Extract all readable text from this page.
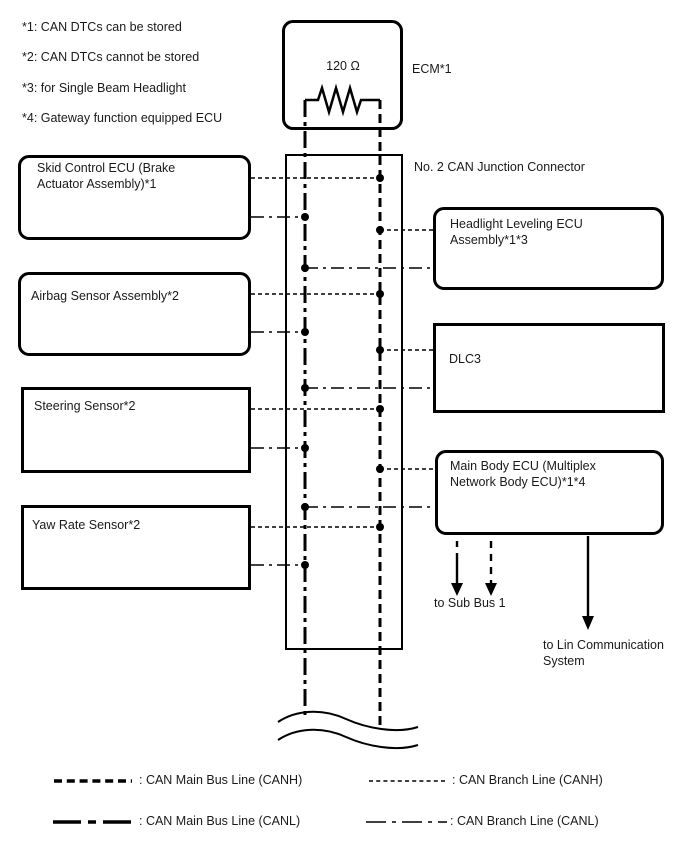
*1: CAN DTCs can be stored
*2: CAN DTCs cannot be stored
*3: for Single Beam Headlight
*4: Gateway function equipped ECU
120 Ω	ECM*1
No. 2 CAN Junction Connector
Skid Control ECU (Brake Actuator Assembly)*1
Airbag Sensor Assembly*2
Steering Sensor*2
Yaw Rate Sensor*2
Headlight Leveling ECU Assembly*1*3
DLC3
Main Body ECU (Multiplex Network Body ECU)*1*4
to Sub Bus 1
to Lin Communication System
: CAN Main Bus Line (CANH)
: CAN Main Bus Line (CANL)
: CAN Branch Line (CANH)
: CAN Branch Line (CANL)
